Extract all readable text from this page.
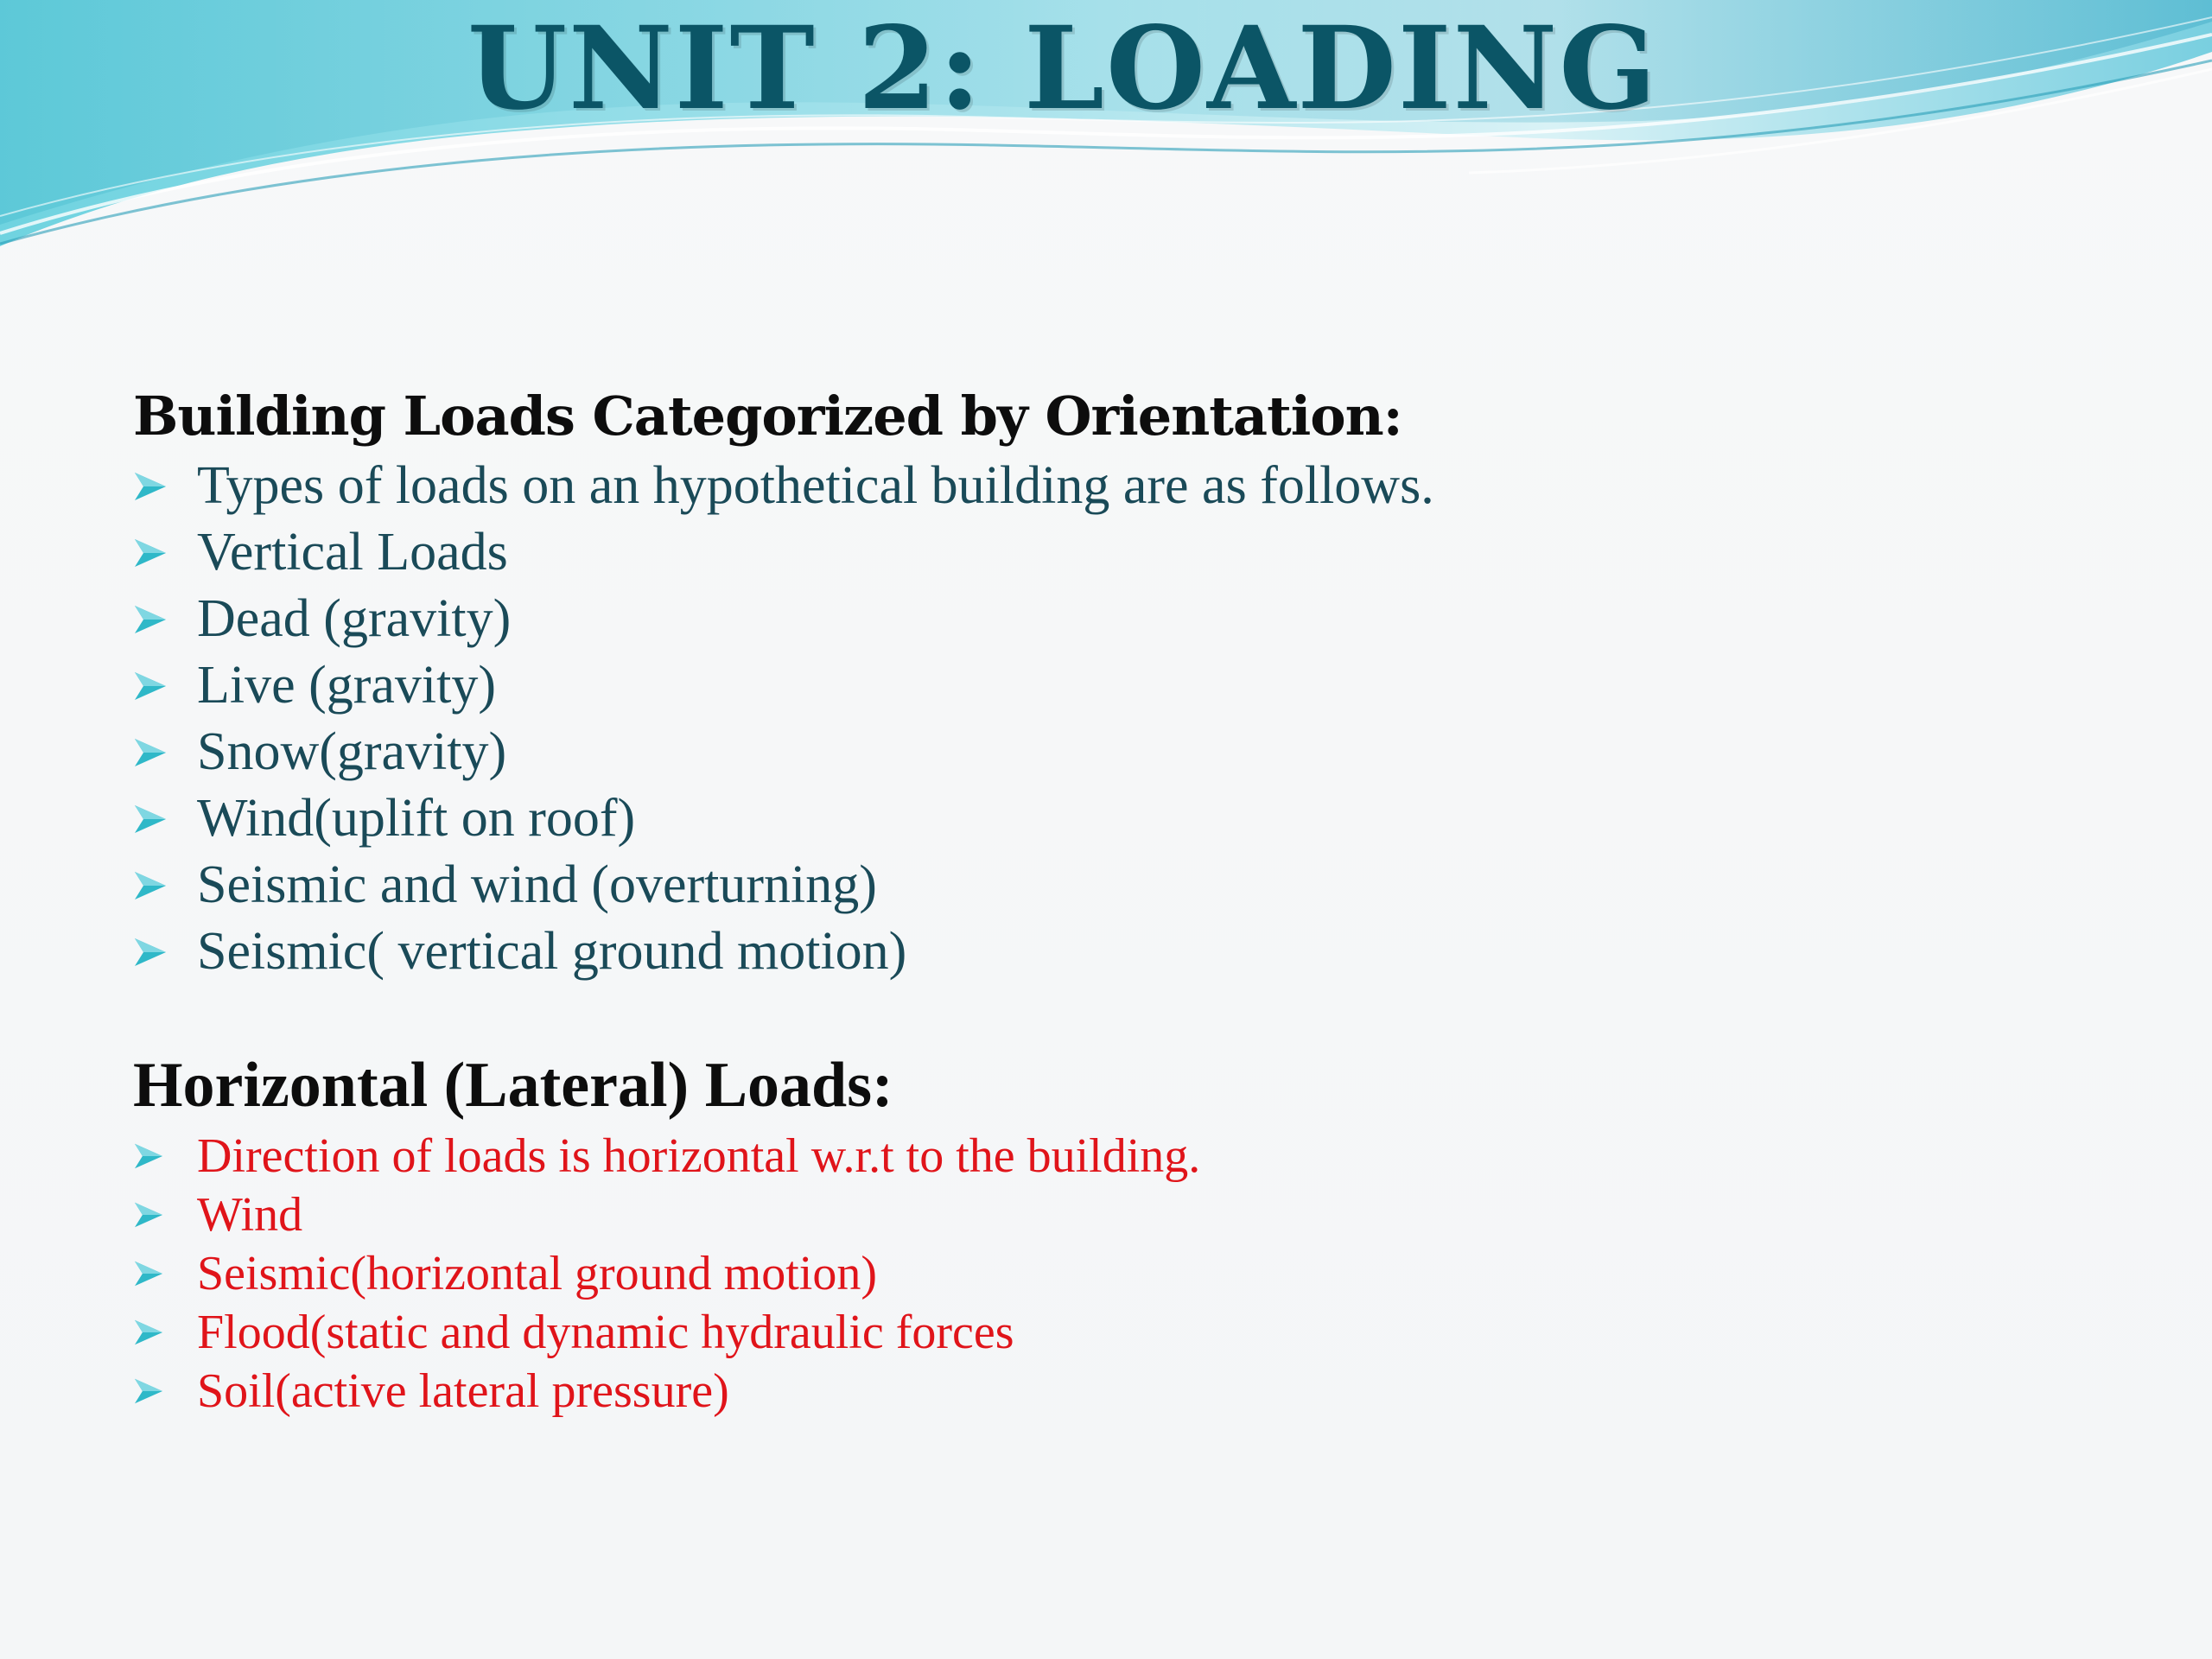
UNIT 2: LOADING
Building Loads Categorized by Orientation:
Types of loads on an hypothetical building are as follows.
Vertical Loads
Dead (gravity)
Live (gravity)
Snow(gravity)
Wind(uplift on roof)
Seismic and wind (overturning)
Seismic( vertical ground motion)
Horizontal (Lateral) Loads:
Direction of loads is horizontal w.r.t to the building.
Wind
Seismic(horizontal ground motion)
Flood(static and dynamic hydraulic forces
Soil(active lateral pressure)
